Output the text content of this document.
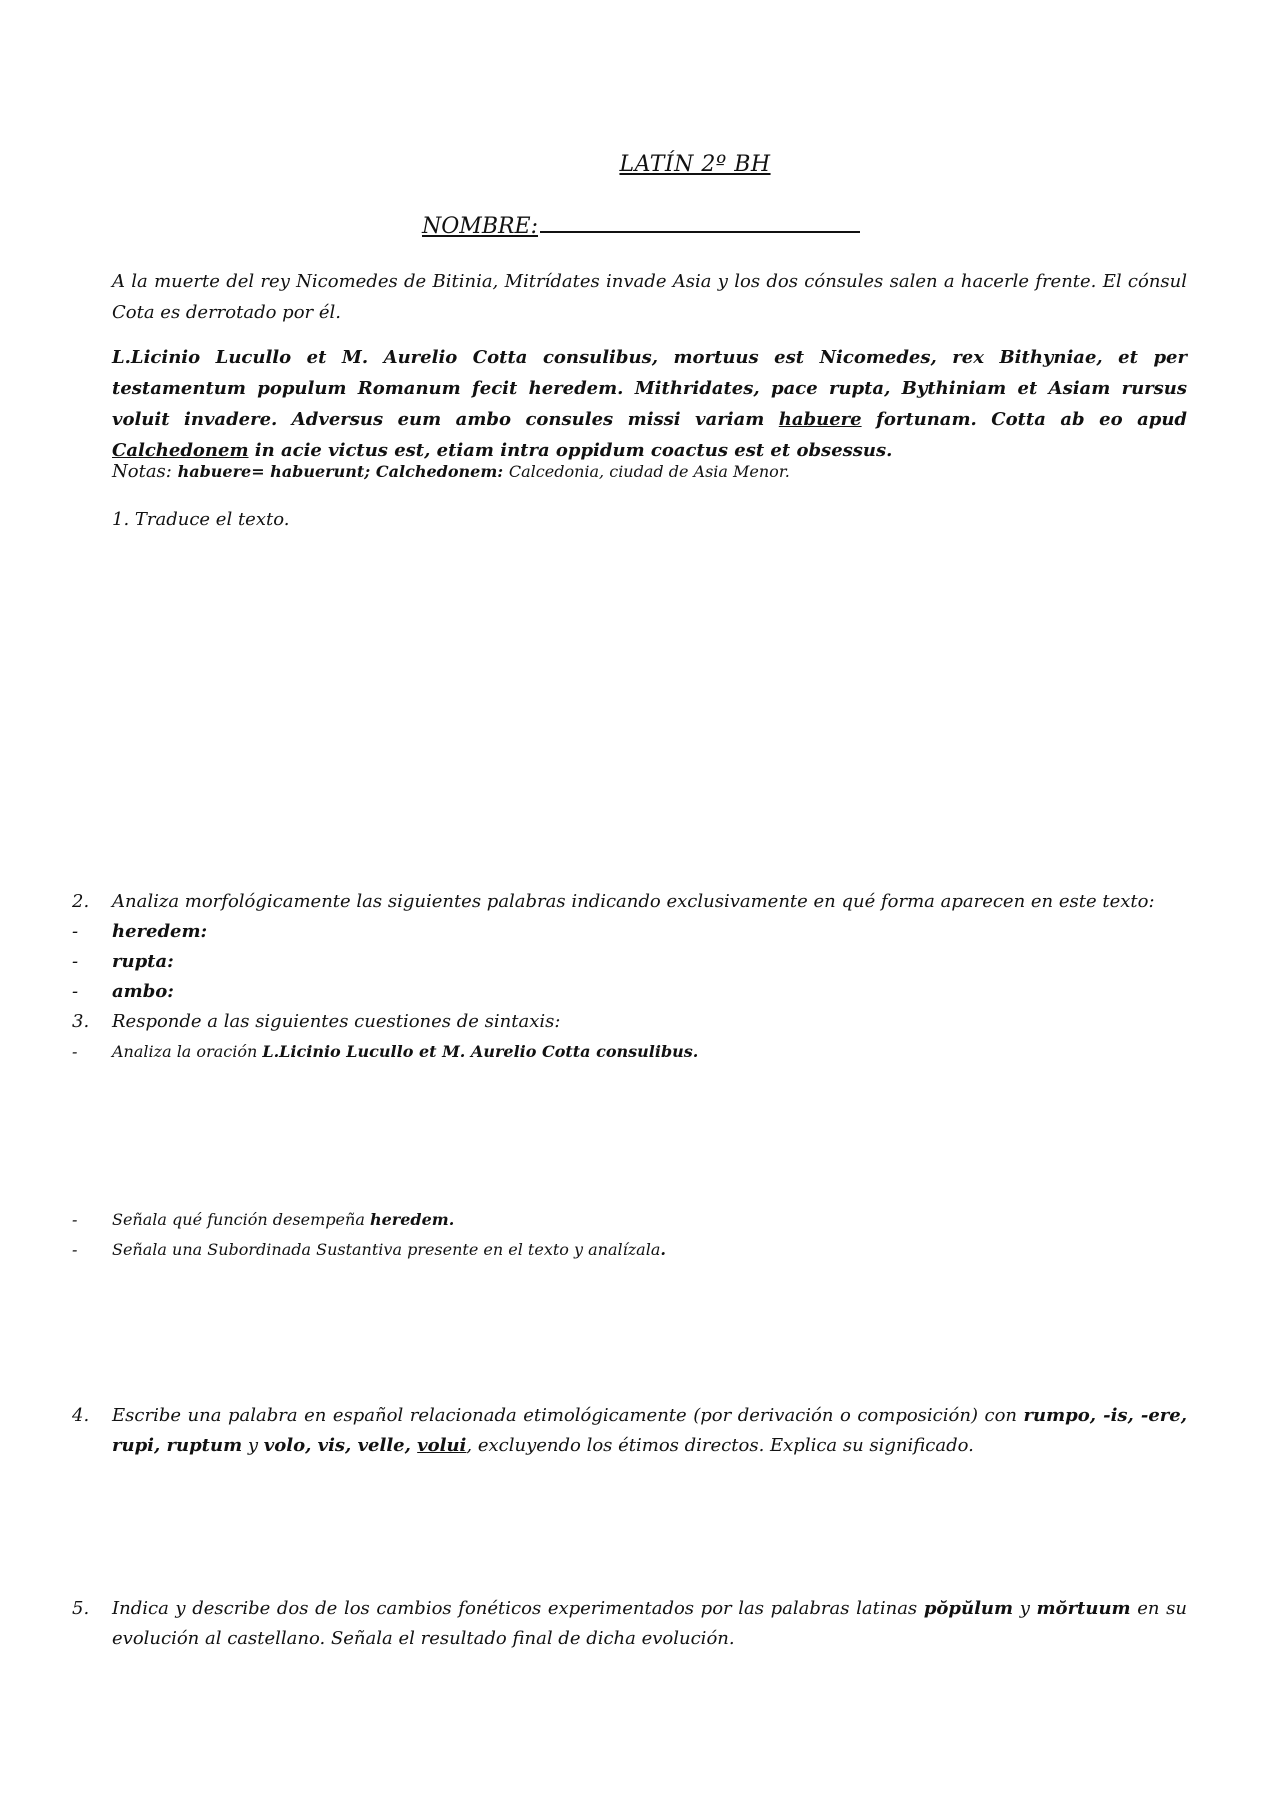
LATÍN 2º BH
NOMBRE:
A la muerte del rey Nicomedes de Bitinia, Mitrídates invade Asia y los dos cónsules salen a hacerle frente. El cónsul Cota es derrotado por él.
L.Licinio Lucullo et M. Aurelio Cotta consulibus, mortuus est Nicomedes, rex Bithyniae, et per testamentum populum Romanum fecit heredem. Mithridates, pace rupta, Bythiniam et Asiam rursus voluit invadere. Adversus eum ambo consules missi variam habuere fortunam. Cotta ab eo apud Calchedonem in acie victus est, etiam intra oppidum coactus est et obsessus.
Notas: habuere= habuerunt; Calchedonem: Calcedonia, ciudad de Asia Menor.
1. Traduce el texto.
2.	Analiza morfológicamente las siguientes palabras indicando exclusivamente en qué forma aparecen en este texto:
-	heredem:
-	rupta:
-	ambo:
3.	Responde a las siguientes cuestiones de sintaxis:
-	Analiza la oración L.Licinio Lucullo et M. Aurelio Cotta consulibus.
-	Señala qué función desempeña heredem.
-	Señala una Subordinada Sustantiva presente en el texto y analízala.
4.	Escribe una palabra en español relacionada etimológicamente (por derivación o composición) con rumpo, -is, -ere, rupi, ruptum y volo, vis, velle, volui, excluyendo los étimos directos. Explica su significado.
5.	Indica y describe dos de los cambios fonéticos experimentados por las palabras latinas pŏpŭlum y mŏrtuum en su evolución al castellano. Señala el resultado final de dicha evolución.
